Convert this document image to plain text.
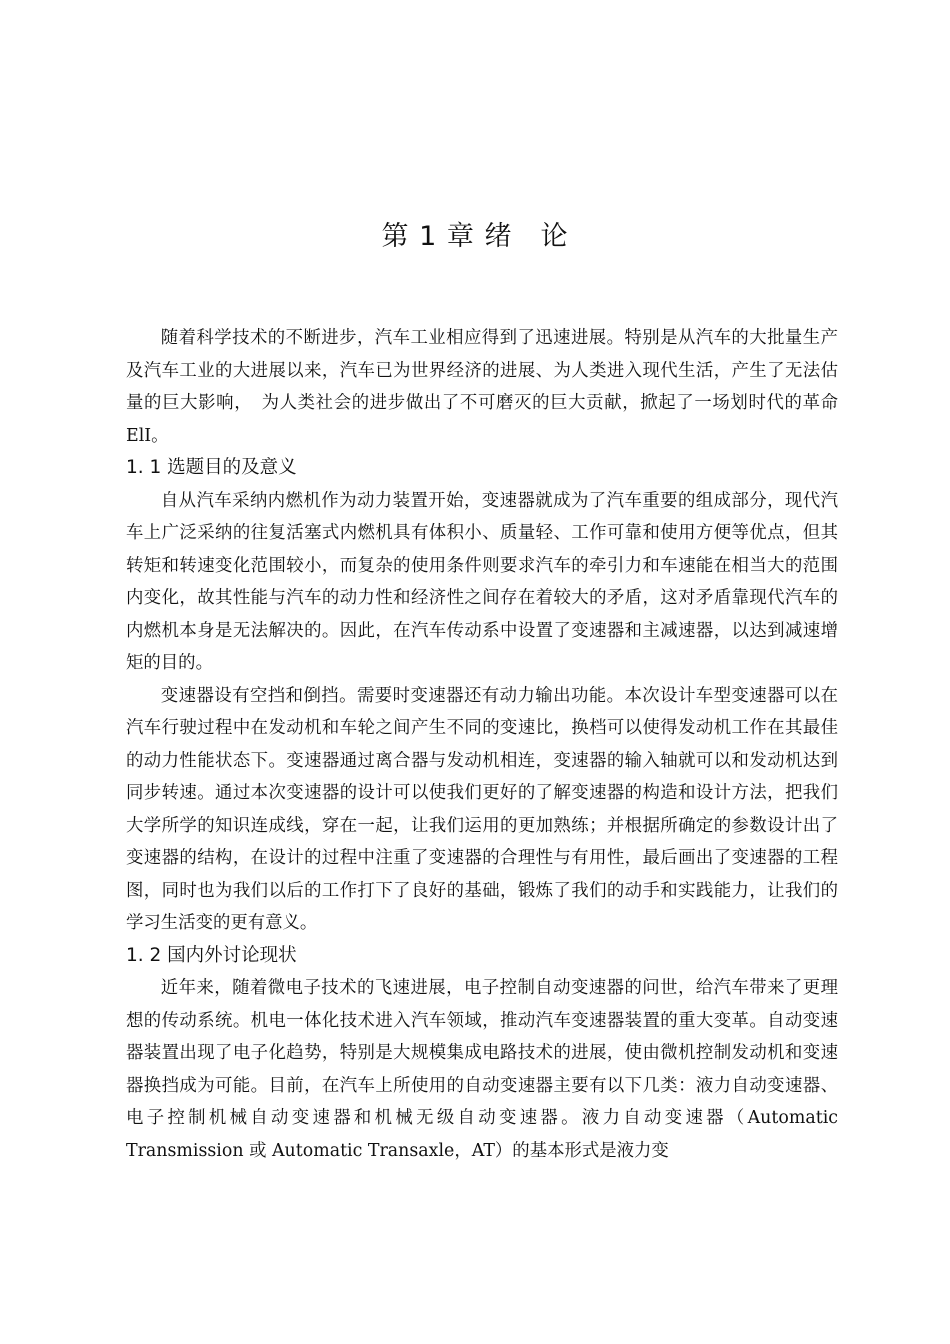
第 1 章 绪　论

随着科学技术的不断进步，汽车工业相应得到了迅速进展。特别是从汽车的大批量生产及汽车工业的大进展以来，汽车已为世界经济的进展、为人类进入现代生活，产生了无法估量的巨大影响，　为人类社会的进步做出了不可磨灭的巨大贡献，掀起了一场划时代的革命 ElI。

1. 1 选题目的及意义

自从汽车采纳内燃机作为动力装置开始，变速器就成为了汽车重要的组成部分，现代汽车上广泛采纳的往复活塞式内燃机具有体积小、质量轻、工作可靠和使用方便等优点，但其转矩和转速变化范围较小，而复杂的使用条件则要求汽车的牵引力和车速能在相当大的范围内变化，故其性能与汽车的动力性和经济性之间存在着较大的矛盾，这对矛盾靠现代汽车的内燃机本身是无法解决的。因此，在汽车传动系中设置了变速器和主减速器，以达到减速增矩的目的。

变速器设有空挡和倒挡。需要时变速器还有动力输出功能。本次设计车型变速器可以在汽车行驶过程中在发动机和车轮之间产生不同的变速比，换档可以使得发动机工作在其最佳的动力性能状态下。变速器通过离合器与发动机相连，变速器的输入轴就可以和发动机达到同步转速。通过本次变速器的设计可以使我们更好的了解变速器的构造和设计方法，把我们大学所学的知识连成线，穿在一起，让我们运用的更加熟练；并根据所确定的参数设计出了变速器的结构，在设计的过程中注重了变速器的合理性与有用性，最后画出了变速器的工程图，同时也为我们以后的工作打下了良好的基础，锻炼了我们的动手和实践能力，让我们的学习生活变的更有意义。

1. 2 国内外讨论现状

近年来，随着微电子技术的飞速进展，电子控制自动变速器的问世，给汽车带来了更理想的传动系统。机电一体化技术进入汽车领域，推动汽车变速器装置的重大变革。自动变速器装置出现了电子化趋势，特别是大规模集成电路技术的进展，使由微机控制发动机和变速器换挡成为可能。目前，在汽车上所使用的自动变速器主要有以下几类：液力自动变速器、电子控制机械自动变速器和机械无级自动变速器。液力自动变速器（Automatic Transmission 或 Automatic Transaxle，AT）的基本形式是液力变
